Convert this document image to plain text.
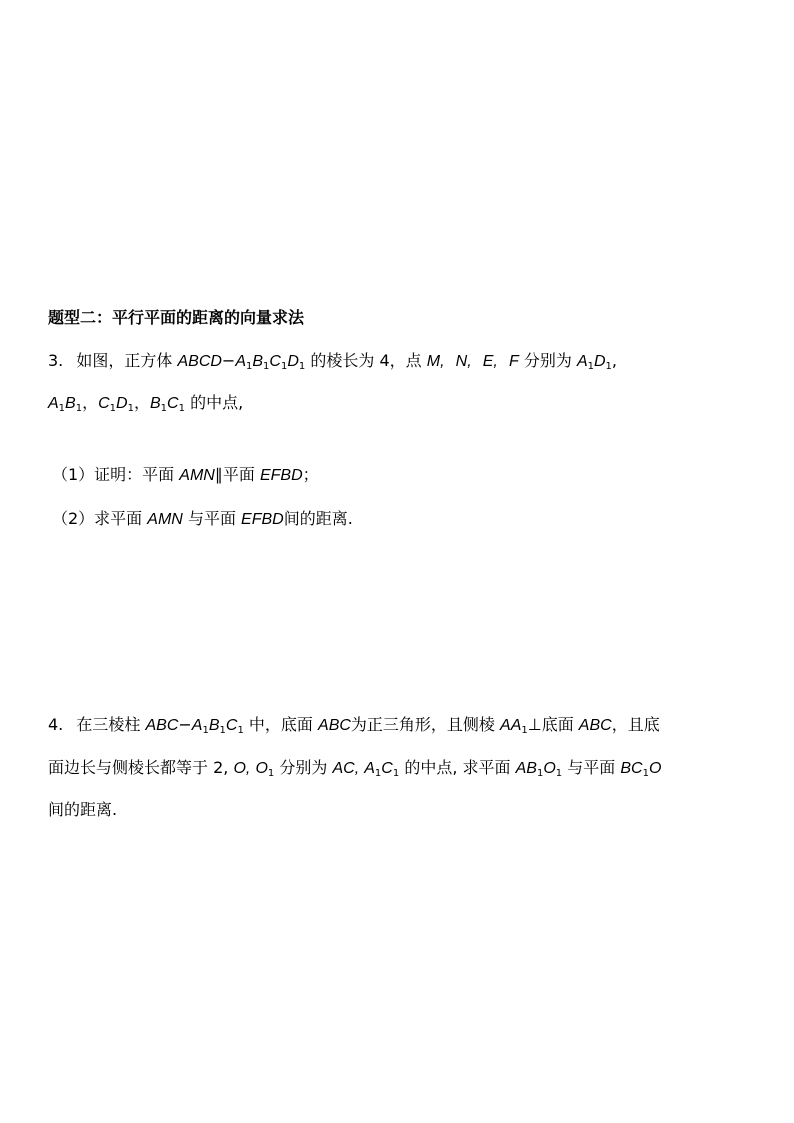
题型二：平行平面的距离的向量求法
3. 如图，正方体 $ABCD-A_1B_1C_1D_1$ 的棱长为 4，点 M, N, E, F 分别为 $A_1D_1$,
$A_1B_1$，$C_1D_1$，$B_1C_1$ 的中点,
（1）证明：平面 AMN∥平面 EFBD；
（2）求平面 AMN 与平面 EFBD间的距离.
4. 在三棱柱 $ABC-A_1B_1C_1$ 中，底面 ABC为正三角形，且侧棱 $AA_1\perp$底面 ABC，且底
面边长与侧棱长都等于 2, O, $O_1$ 分别为 AC, $A_1C_1$ 的中点, 求平面 $AB_1O_1$ 与平面 $BC_1O$
间的距离.
